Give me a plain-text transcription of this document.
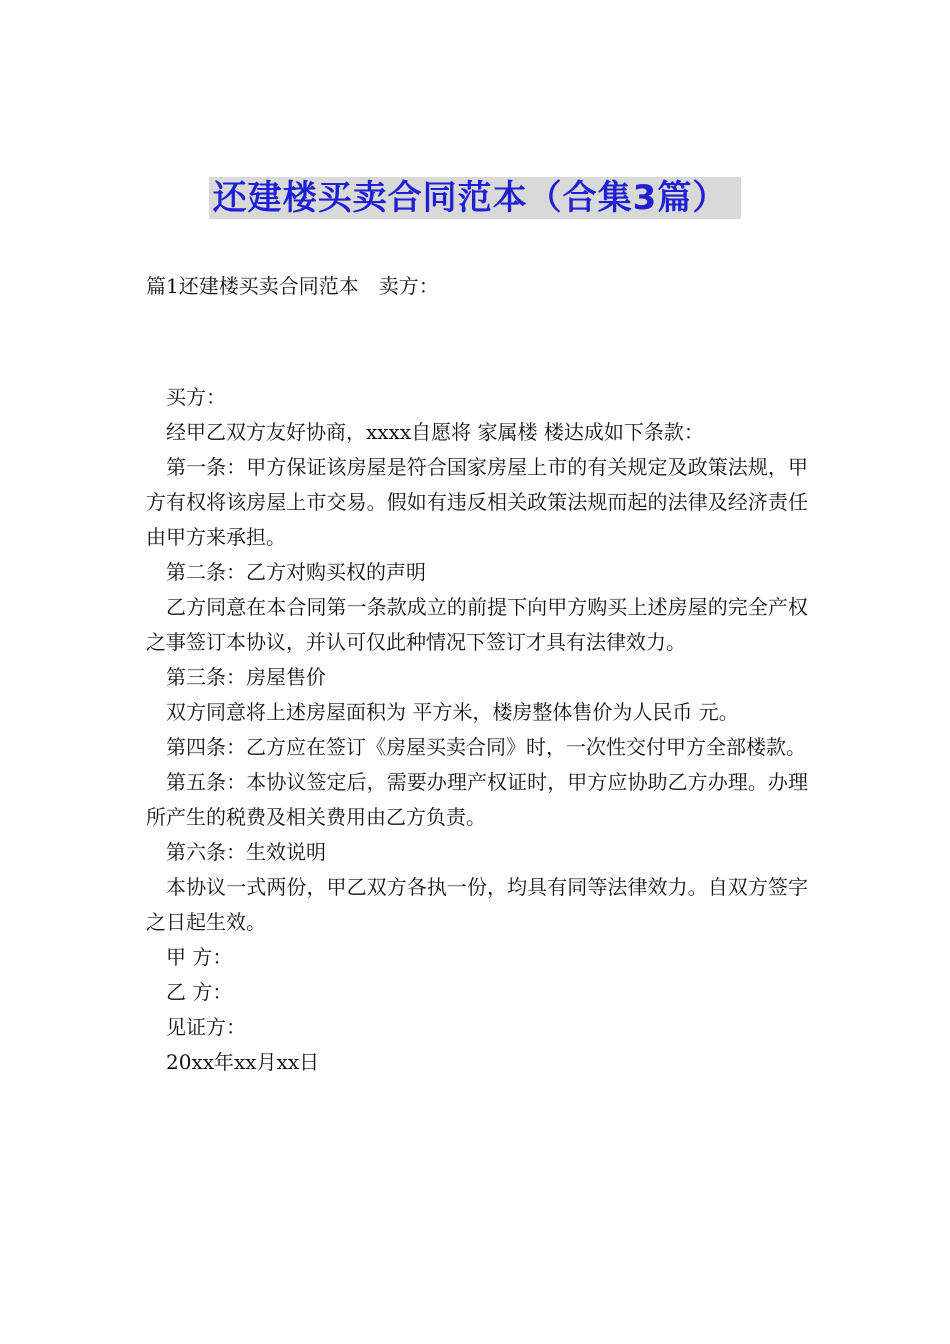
还建楼买卖合同范本（合集3篇）
篇1还建楼买卖合同范本　卖方：

买方：

经甲乙双方友好协商，xxxx自愿将 家属楼 楼达成如下条款：

第一条：甲方保证该房屋是符合国家房屋上市的有关规定及政策法规，甲方有权将该房屋上市交易。假如有违反相关政策法规而起的法律及经济责任由甲方来承担。

第二条：乙方对购买权的声明

乙方同意在本合同第一条款成立的前提下向甲方购买上述房屋的完全产权之事签订本协议，并认可仅此种情况下签订才具有法律效力。

第三条：房屋售价

双方同意将上述房屋面积为 平方米，楼房整体售价为人民币 元。

第四条：乙方应在签订《房屋买卖合同》时，一次性交付甲方全部楼款。

第五条：本协议签定后，需要办理产权证时，甲方应协助乙方办理。办理所产生的税费及相关费用由乙方负责。

第六条：生效说明

本协议一式两份，甲乙双方各执一份，均具有同等法律效力。自双方签字之日起生效。

甲 方：

乙 方：

见证方：

20xx年xx月xx日
